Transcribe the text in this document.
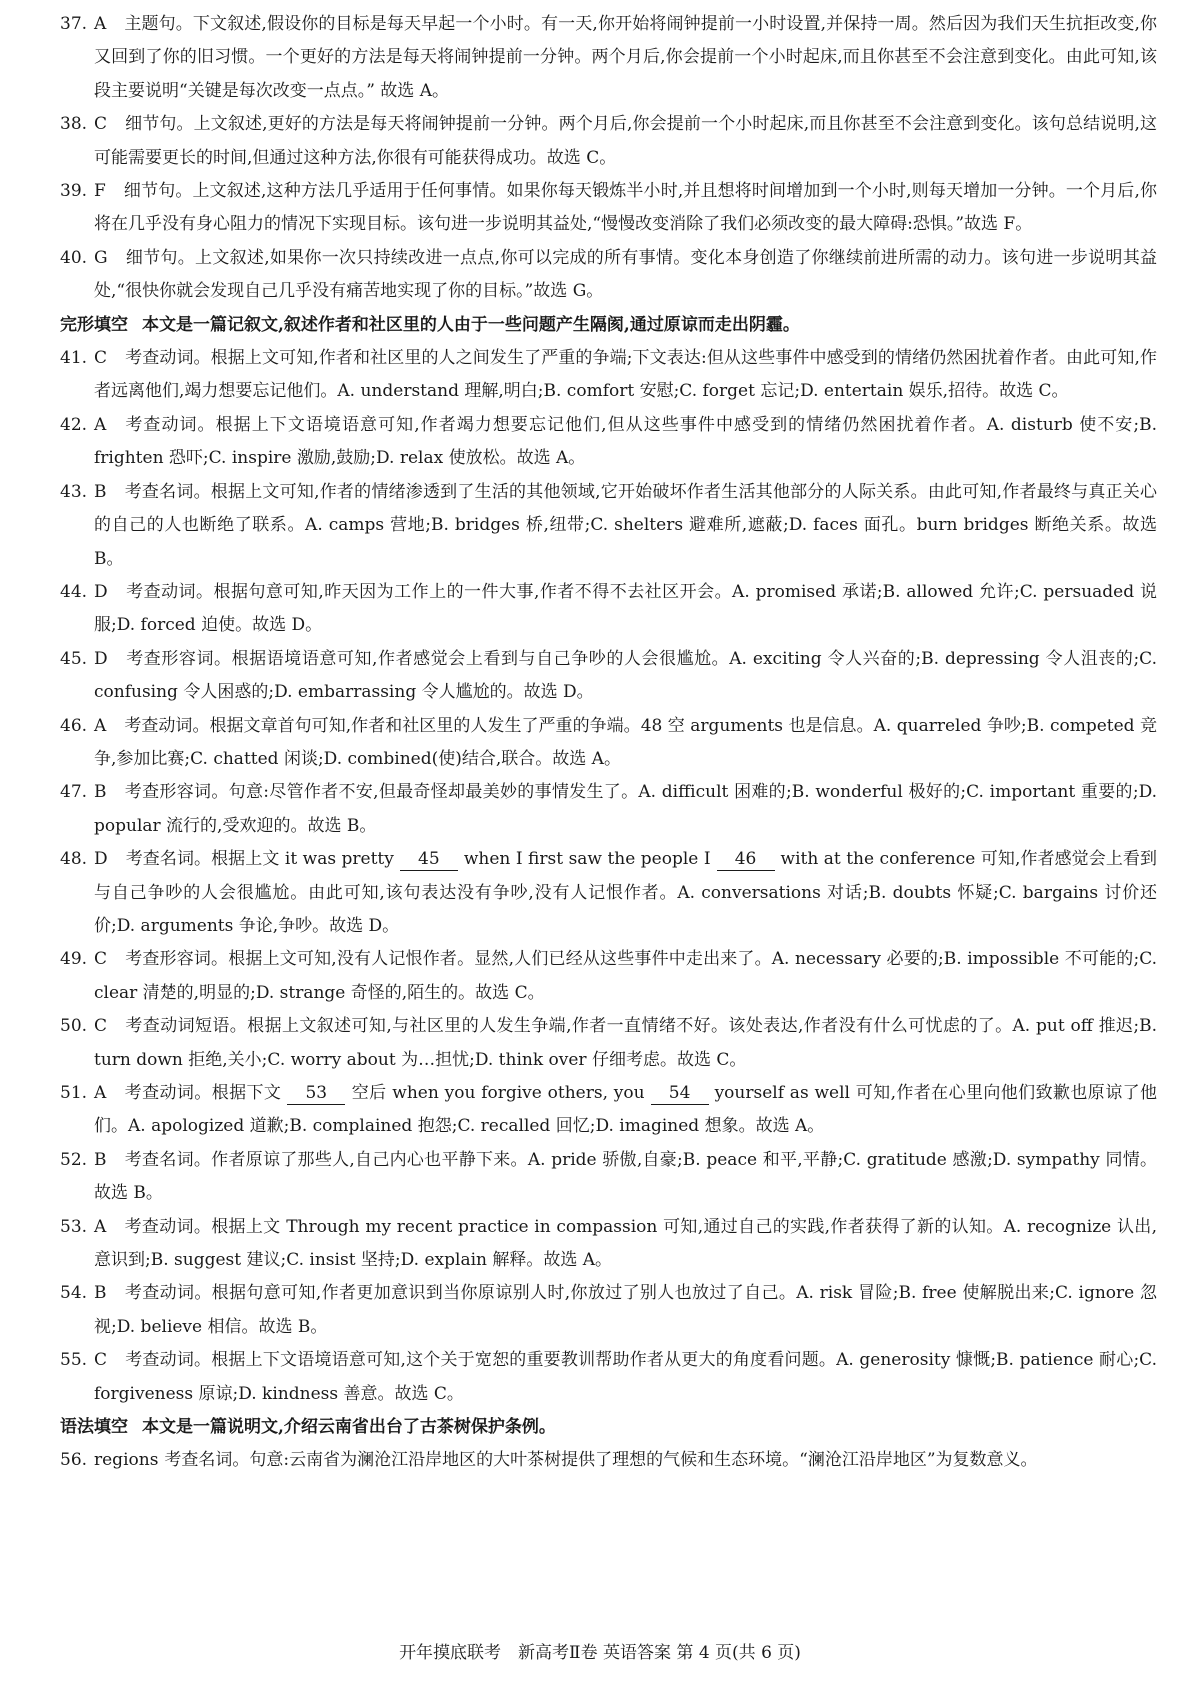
37. A 主题句。下文叙述,假设你的目标是每天早起一个小时。有一天,你开始将闹钟提前一小时设置,并保持一周。然后因为我们天生抗拒改变,你又回到了你的旧习惯。一个更好的方法是每天将闹钟提前一分钟。两个月后,你会提前一个小时起床,而且你甚至不会注意到变化。由此可知,该段主要说明“关键是每次改变一点点。” 故选 A。

38. C 细节句。上文叙述,更好的方法是每天将闹钟提前一分钟。两个月后,你会提前一个小时起床,而且你甚至不会注意到变化。该句总结说明,这可能需要更长的时间,但通过这种方法,你很有可能获得成功。故选 C。

39. F 细节句。上文叙述,这种方法几乎适用于任何事情。如果你每天锻炼半小时,并且想将时间增加到一个小时,则每天增加一分钟。一个月后,你将在几乎没有身心阻力的情况下实现目标。该句进一步说明其益处,“慢慢改变消除了我们必须改变的最大障碍:恐惧。”故选 F。

40. G 细节句。上文叙述,如果你一次只持续改进一点点,你可以完成的所有事情。变化本身创造了你继续前进所需的动力。该句进一步说明其益处,“很快你就会发现自己几乎没有痛苦地实现了你的目标。”故选 G。

完形填空 本文是一篇记叙文,叙述作者和社区里的人由于一些问题产生隔阂,通过原谅而走出阴霾。

41. C 考查动词。根据上文可知,作者和社区里的人之间发生了严重的争端;下文表达:但从这些事件中感受到的情绪仍然困扰着作者。由此可知,作者远离他们,竭力想要忘记他们。A. understand 理解,明白;B. comfort 安慰;C. forget 忘记;D. entertain 娱乐,招待。故选 C。

42. A 考查动词。根据上下文语境语意可知,作者竭力想要忘记他们,但从这些事件中感受到的情绪仍然困扰着作者。A. disturb 使不安;B. frighten 恐吓;C. inspire 激励,鼓励;D. relax 使放松。故选 A。

43. B 考查名词。根据上文可知,作者的情绪渗透到了生活的其他领域,它开始破坏作者生活其他部分的人际关系。由此可知,作者最终与真正关心的自己的人也断绝了联系。A. camps 营地;B. bridges 桥,纽带;C. shelters 避难所,遮蔽;D. faces 面孔。burn bridges 断绝关系。故选 B。

44. D 考查动词。根据句意可知,昨天因为工作上的一件大事,作者不得不去社区开会。A. promised 承诺;B. allowed 允许;C. persuaded 说服;D. forced 迫使。故选 D。

45. D 考查形容词。根据语境语意可知,作者感觉会上看到与自己争吵的人会很尴尬。A. exciting 令人兴奋的;B. depressing 令人沮丧的;C. confusing 令人困惑的;D. embarrassing 令人尴尬的。故选 D。

46. A 考查动词。根据文章首句可知,作者和社区里的人发生了严重的争端。48 空 arguments 也是信息。A. quarreled 争吵;B. competed 竞争,参加比赛;C. chatted 闲谈;D. combined(使)结合,联合。故选 A。

47. B 考查形容词。句意:尽管作者不安,但最奇怪却最美妙的事情发生了。A. difficult 困难的;B. wonderful 极好的;C. important 重要的;D. popular 流行的,受欢迎的。故选 B。

48. D 考查名词。根据上文 it was pretty 45 when I first saw the people I 46 with at the conference 可知,作者感觉会上看到与自己争吵的人会很尴尬。由此可知,该句表达没有争吵,没有人记恨作者。A. conversations 对话;B. doubts 怀疑;C. bargains 讨价还价;D. arguments 争论,争吵。故选 D。

49. C 考查形容词。根据上文可知,没有人记恨作者。显然,人们已经从这些事件中走出来了。A. necessary 必要的;B. impossible 不可能的;C. clear 清楚的,明显的;D. strange 奇怪的,陌生的。故选 C。

50. C 考查动词短语。根据上文叙述可知,与社区里的人发生争端,作者一直情绪不好。该处表达,作者没有什么可忧虑的了。A. put off 推迟;B. turn down 拒绝,关小;C. worry about 为…担忧;D. think over 仔细考虑。故选 C。

51. A 考查动词。根据下文 53 空后 when you forgive others, you 54 yourself as well 可知,作者在心里向他们致歉也原谅了他们。A. apologized 道歉;B. complained 抱怨;C. recalled 回忆;D. imagined 想象。故选 A。

52. B 考查名词。作者原谅了那些人,自己内心也平静下来。A. pride 骄傲,自豪;B. peace 和平,平静;C. gratitude 感激;D. sympathy 同情。故选 B。

53. A 考查动词。根据上文 Through my recent practice in compassion 可知,通过自己的实践,作者获得了新的认知。A. recognize 认出,意识到;B. suggest 建议;C. insist 坚持;D. explain 解释。故选 A。

54. B 考查动词。根据句意可知,作者更加意识到当你原谅别人时,你放过了别人也放过了自己。A. risk 冒险;B. free 使解脱出来;C. ignore 忽视;D. believe 相信。故选 B。

55. C 考查动词。根据上下文语境语意可知,这个关于宽恕的重要教训帮助作者从更大的角度看问题。A. generosity 慷慨;B. patience 耐心;C. forgiveness 原谅;D. kindness 善意。故选 C。

语法填空 本文是一篇说明文,介绍云南省出台了古茶树保护条例。

56. regions 考查名词。句意:云南省为澜沧江沿岸地区的大叶茶树提供了理想的气候和生态环境。“澜沧江沿岸地区”为复数意义。

开年摸底联考　新高考Ⅱ卷 英语答案 第 4 页(共 6 页)
